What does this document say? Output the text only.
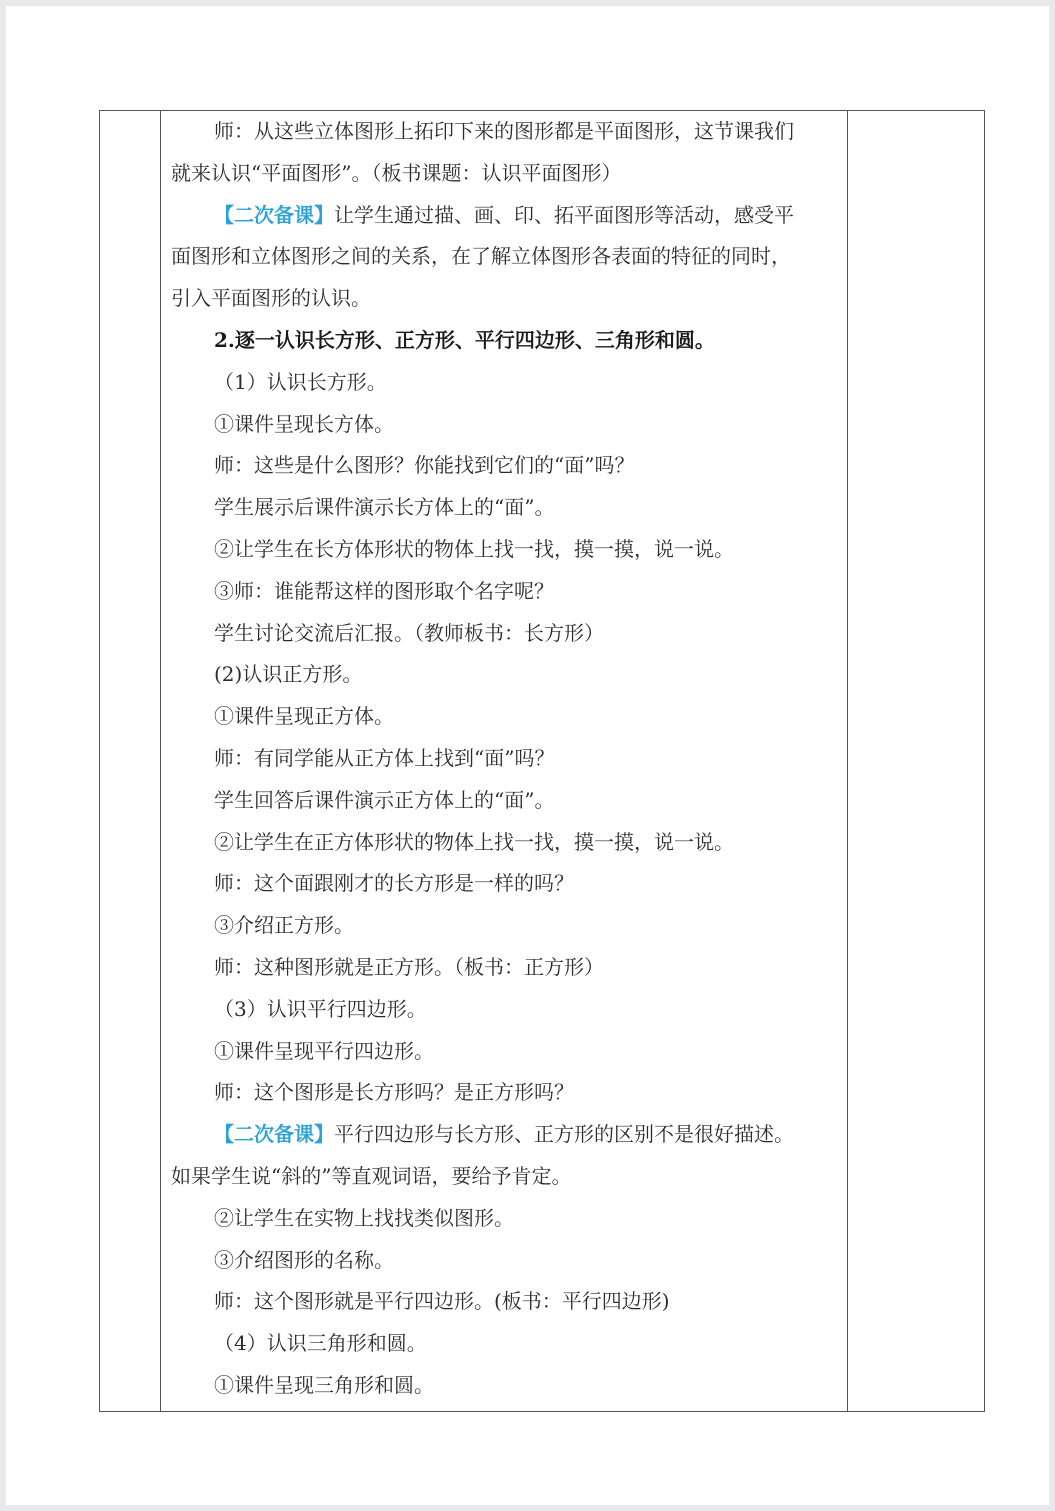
师：从这些立体图形上拓印下来的图形都是平面图形，这节课我们
就来认识“平面图形”。（板书课题：认识平面图形）
【二次备课】让学生通过描、画、印、拓平面图形等活动，感受平
面图形和立体图形之间的关系，在了解立体图形各表面的特征的同时，
引入平面图形的认识。
2.逐一认识长方形、正方形、平行四边形、三角形和圆。
（1）认识长方形。
①课件呈现长方体。
师：这些是什么图形？你能找到它们的“面”吗？
学生展示后课件演示长方体上的“面”。
②让学生在长方体形状的物体上找一找，摸一摸，说一说。
③师：谁能帮这样的图形取个名字呢？
学生讨论交流后汇报。（教师板书：长方形）
(2)认识正方形。
①课件呈现正方体。
师：有同学能从正方体上找到“面”吗？
学生回答后课件演示正方体上的“面”。
②让学生在正方体形状的物体上找一找，摸一摸，说一说。
师：这个面跟刚才的长方形是一样的吗？
③介绍正方形。
师：这种图形就是正方形。（板书：正方形）
（3）认识平行四边形。
①课件呈现平行四边形。
师：这个图形是长方形吗？是正方形吗？
【二次备课】平行四边形与长方形、正方形的区别不是很好描述。
如果学生说“斜的”等直观词语，要给予肯定。
②让学生在实物上找找类似图形。
③介绍图形的名称。
师：这个图形就是平行四边形。(板书：平行四边形)
（4）认识三角形和圆。
①课件呈现三角形和圆。
